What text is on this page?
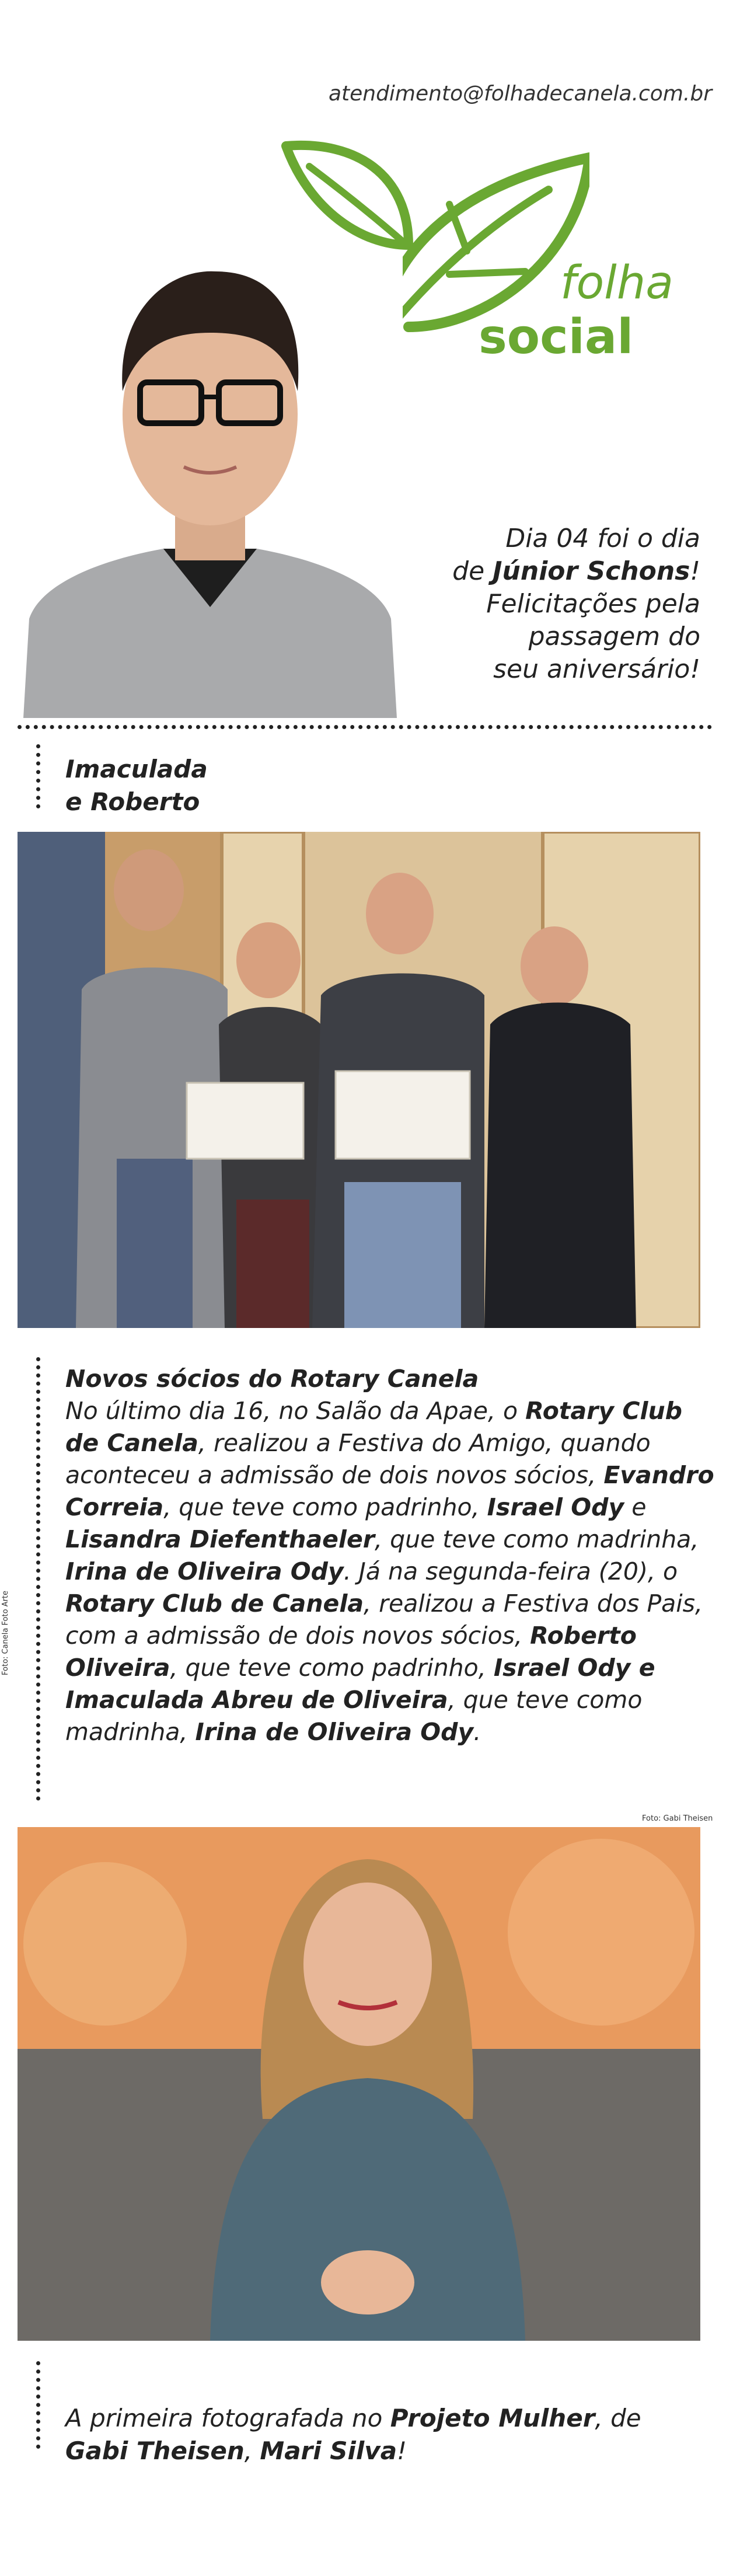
atendimento@folhadecanela.com.br
folha
social
Dia 04 foi o dia
de Júnior Schons!
Felicitações pela
passagem do
seu aniversário!
Imaculada
e Roberto
Foto: Canela Foto Arte
Novos sócios do Rotary Canela
No último dia 16, no Salão da Apae, o Rotary Club de Canela, realizou a Festiva do Amigo, quando aconteceu a admissão de dois novos sócios, Evandro Correia, que teve como padrinho, Israel Ody e Lisandra Diefenthaeler, que teve como madrinha, Irina de Oliveira Ody. Já na segunda-feira (20), o Rotary Club de Canela, realizou a Festiva dos Pais, com a admissão de dois novos sócios, Roberto Oliveira, que teve como padrinho, Israel Ody e Imaculada Abreu de Oliveira, que teve como madrinha, Irina de Oliveira Ody.
Foto: Gabi Theisen
A primeira fotografada no Projeto Mulher, de Gabi Theisen, Mari Silva!
